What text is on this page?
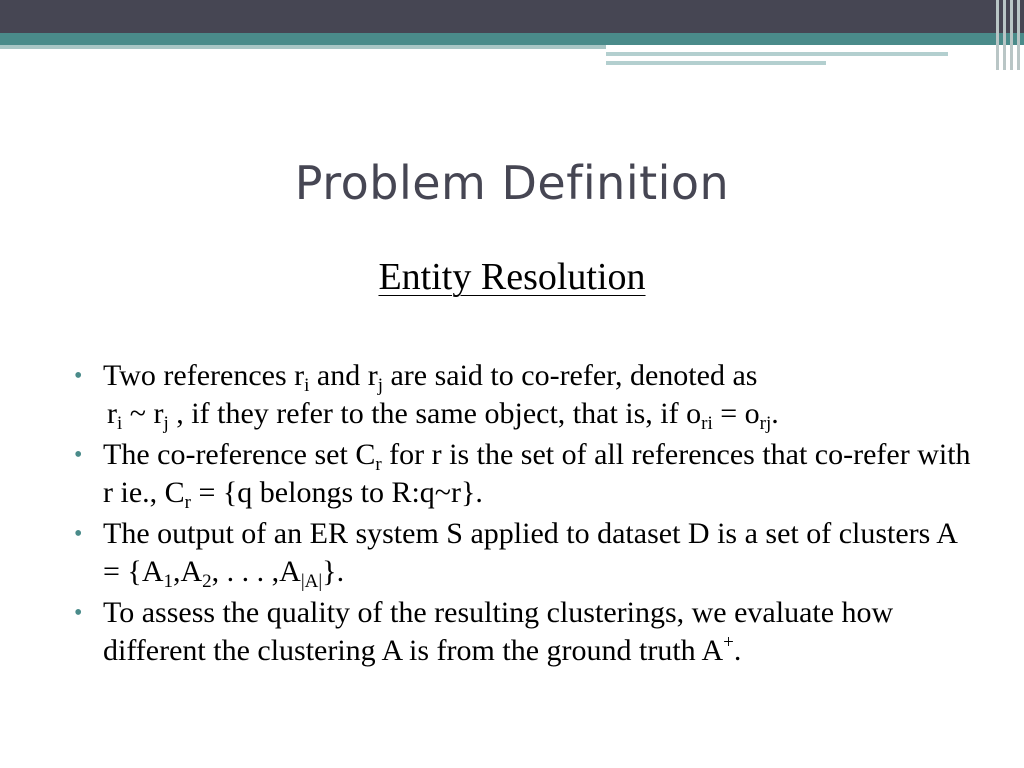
Problem Definition
Entity Resolution
• Two references $r_i$ and $r_j$ are said to co-refer, denoted as
$r_i$ ~ $r_j$ , if they refer to the same object, that is, if $o_{ri} = o_{rj}$.
• The co-reference set $C_r$ for r is the set of all references that co-refer with r ie., $C_r = \{q$ belongs to R:q~r}.
• The output of an ER system S applied to dataset D is a set of clusters $A = \{A_1,A_2$, . . . $,A_{|A|}$}.
• To assess the quality of the resulting clusterings, we evaluate how different the clustering A is from the ground truth A+.
